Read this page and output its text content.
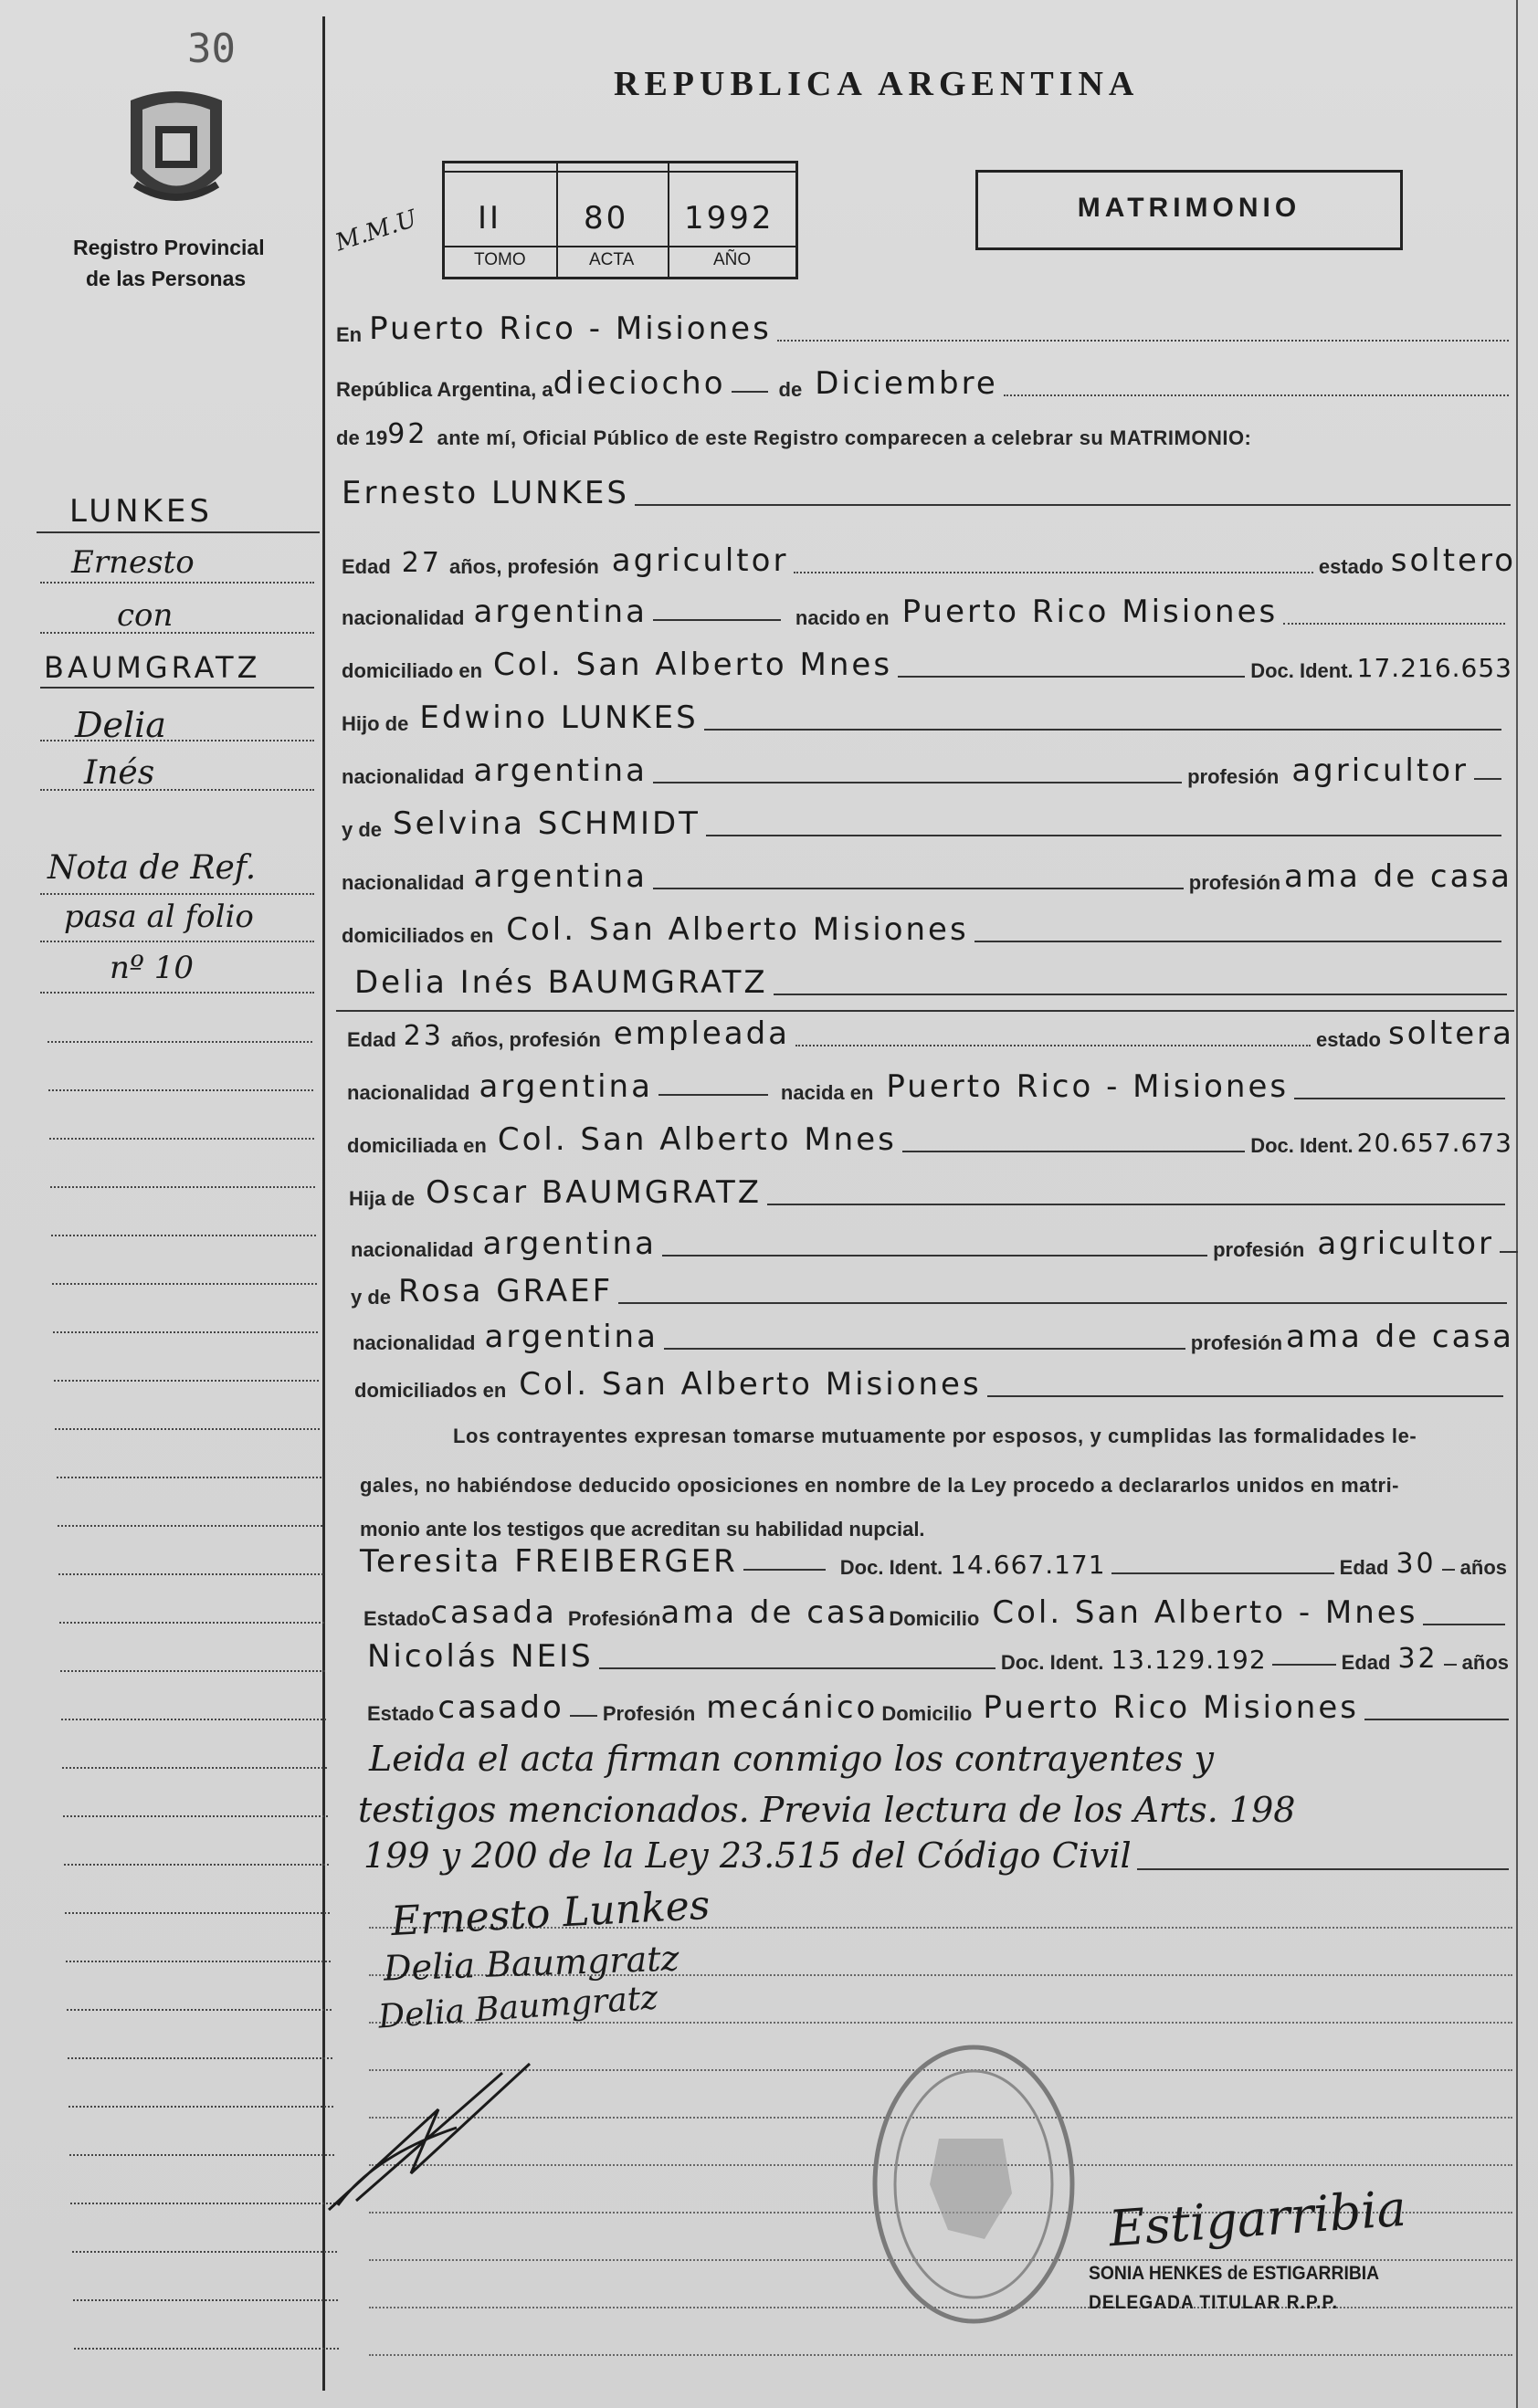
30
Registro Provincial
de las Personas
REPUBLICA ARGENTINA
M.M.U II
TOMO
80
ACTA
1992
AÑO
MATRIMONIO
LUNKES
Ernesto
con
BAUMGRATZ
Delia
Inés
Nota de Ref.
pasa al folio
nº 10
En Puerto Rico - Misiones
República Argentina, a dieciocho	de Diciembre
de 19 92 ante mí, Oficial Público de este Registro comparecen a celebrar su MATRIMONIO:
Ernesto LUNKES
Edad 27 años, profesión agricultor	estado soltero
nacionalidad argentina	nacido en Puerto Rico Misiones
domiciliado en Col. San Alberto Mnes	Doc. Ident. 17.216.653
Hijo de Edwino LUNKES
nacionalidad argentina	profesión agricultor
y de Selvina SCHMIDT
nacionalidad argentina	profesión ama de casa
domiciliados en Col. San Alberto Misiones
Delia Inés BAUMGRATZ
Edad 23 años, profesión empleada	estado soltera
nacionalidad argentina	nacida en Puerto Rico - Misiones
domiciliada en Col. San Alberto Mnes	Doc. Ident. 20.657.673
Hija de Oscar BAUMGRATZ
nacionalidad argentina	profesión agricultor
y de Rosa GRAEF
nacionalidad argentina	profesión ama de casa
domiciliados en Col. San Alberto Misiones
Los contrayentes expresan tomarse mutuamente por esposos, y cumplidas las formalidades le-
gales, no habiéndose deducido oposiciones en nombre de la Ley procedo a declararlos unidos en matri-
monio ante los testigos que acreditan su habilidad nupcial.
Teresita FREIBERGER	Doc. Ident. 14.667.171	Edad 30 años
Estado casada Profesión ama de casa Domicilio Col. San Alberto - Mnes
Nicolás NEIS	Doc. Ident. 13.129.192	Edad 32 años
Estado casado Profesión mecánico Domicilio Puerto Rico Misiones
Leida el acta firman conmigo los contrayentes y
testigos mencionados. Previa lectura de los Arts. 198
199 y 200 de la Ley 23.515 del Código Civil
Ernesto Lunkes
Delia Baumgratz
Delia Baumgratz
Estigarribia
SONIA HENKES de ESTIGARRIBIA
DELEGADA TITULAR R.P.P.
